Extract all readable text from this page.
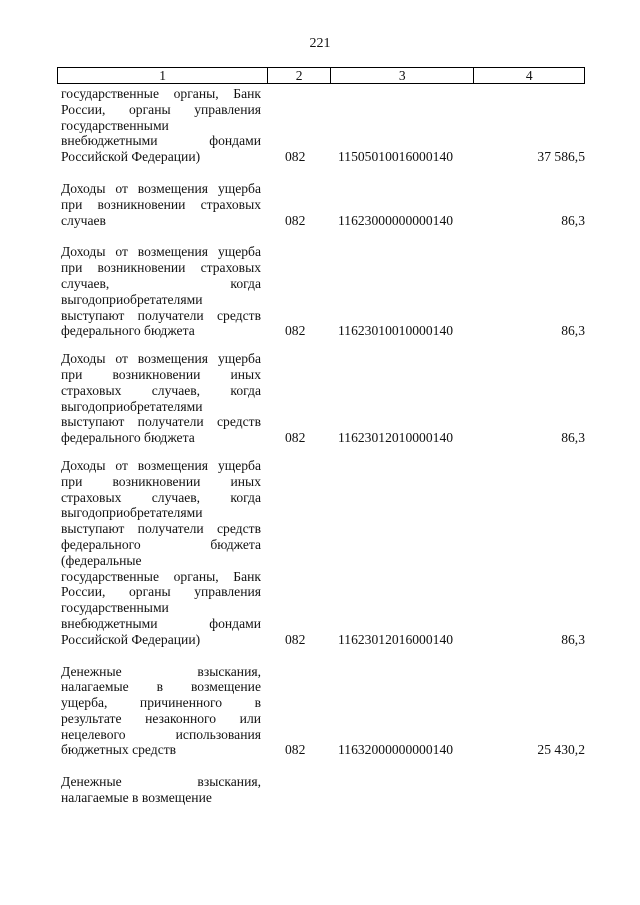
221
1	2	3	4
государственные органы, Банк
России, органы управления
государственными
внебюджетными фондами
Российской Федерации)	082	11505010016000140	37 586,5
Доходы от возмещения ущерба
при возникновении страховых
случаев	082	11623000000000140	86,3
Доходы от возмещения ущерба
при возникновении страховых
случаев, когда
выгодоприобретателями
выступают получатели средств
федерального бюджета	082	11623010010000140	86,3
Доходы от возмещения ущерба
при возникновении иных
страховых случаев, когда
выгодоприобретателями
выступают получатели средств
федерального бюджета	082	11623012010000140	86,3
Доходы от возмещения ущерба
при возникновении иных
страховых случаев, когда
выгодоприобретателями
выступают получатели средств
федерального бюджета
(федеральные
государственные органы, Банк
России, органы управления
государственными
внебюджетными фондами
Российской Федерации)	082	11623012016000140	86,3
Денежные взыскания,
налагаемые в возмещение
ущерба, причиненного в
результате незаконного или
нецелевого использования
бюджетных средств	082	11632000000000140	25 430,2
Денежные взыскания,
налагаемые в возмещение
